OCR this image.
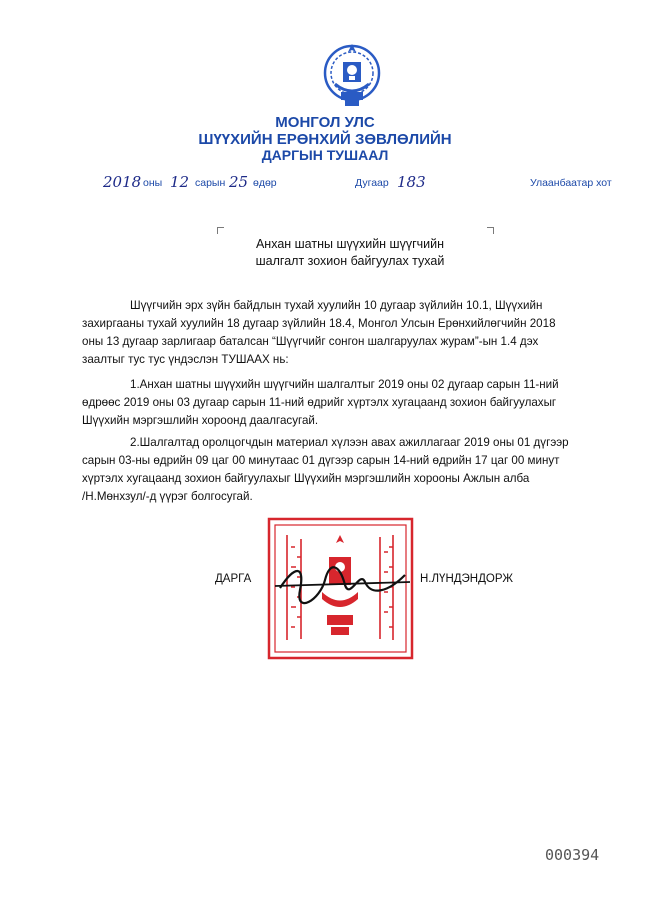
МОНГОЛ УЛС
ШҮҮХИЙН ЕРӨНХИЙ ЗӨВЛӨЛИЙН
ДАРГЫН ТУШААЛ
2018 оны 12 сарын 25 өдөр	Дугаар 183	Улаанбаатар хот
Анхан шатны шүүхийн шүүгчийн
шалгалт зохион байгуулах тухай
Шүүгчийн эрх зүйн байдлын тухай хуулийн 10 дугаар зүйлийн 10.1, Шүүхийн
захиргааны тухай хуулийн 18 дугаар зүйлийн 18.4, Монгол Улсын Ерөнхийлөгчийн 2018
оны 13 дугаар зарлигаар баталсан “Шүүгчийг сонгон шалгаруулах журам”-ын 1.4 дэх
заалтыг тус тус үндэслэн ТУШААХ нь:
1.Анхан шатны шүүхийн шүүгчийн шалгалтыг 2019 оны 02 дугаар сарын 11-ний
өдрөөс 2019 оны 03 дугаар сарын 11-ний өдрийг хүртэлх хугацаанд зохион байгуулахыг
Шүүхийн мэргэшлийн хороонд даалгасугай.
2.Шалгалтад оролцогчдын материал хүлээн авах ажиллагааг 2019 оны 01 дүгээр
сарын 03-ны өдрийн 09 цаг 00 минутаас 01 дүгээр сарын 14-ний өдрийн 17 цаг 00 минут
хүртэлх хугацаанд зохион байгуулахыг Шүүхийн мэргэшлийн хорооны Ажлын алба
/Н.Мөнхзул/-д үүрэг болгосугай.
ДАРГА	Н.ЛҮНДЭНДОРЖ
000394
